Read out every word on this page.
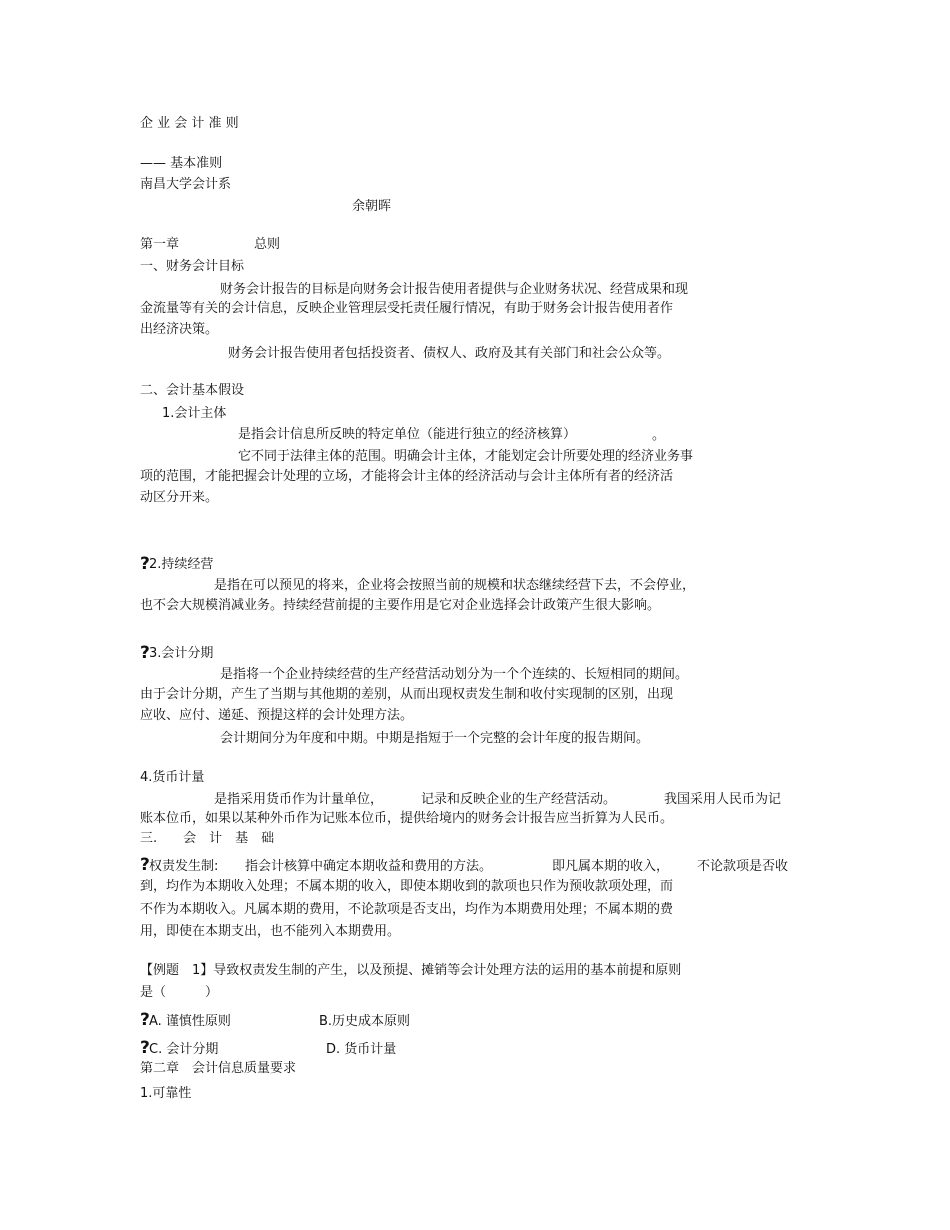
企 业 会 计 准 则
—— 基本准则
南昌大学会计系
余朝晖
第一章	总则
一、财务会计目标
财务会计报告的目标是向财务会计报告使用者提供与企业财务状况、经营成果和现
金流量等有关的会计信息，反映企业管理层受托责任履行情况，有助于财务会计报告使用者作
出经济决策。
财务会计报告使用者包括投资者、债权人、政府及其有关部门和社会公众等。
二、会计基本假设
1.会计主体
是指会计信息所反映的特定单位（能进行独立的经济核算）	。
它不同于法律主体的范围。明确会计主体，才能划定会计所要处理的经济业务事
项的范围，才能把握会计处理的立场，才能将会计主体的经济活动与会计主体所有者的经济活
动区分开来。
? 2.持续经营
是指在可以预见的将来，企业将会按照当前的规模和状态继续经营下去，不会停业，
也不会大规模消减业务。持续经营前提的主要作用是它对企业选择会计政策产生很大影响。
? 3.会计分期
是指将一个企业持续经营的生产经营活动划分为一个个连续的、长短相同的期间。
由于会计分期，产生了当期与其他期的差别，从而出现权责发生制和收付实现制的区别，出现
应收、应付、递延、预提这样的会计处理方法。
会计期间分为年度和中期。中期是指短于一个完整的会计年度的报告期间。
4.货币计量
是指采用货币作为计量单位，	记录和反映企业的生产经营活动。	我国采用人民币为记
账本位币，如果以某种外币作为记账本位币，提供给境内的财务会计报告应当折算为人民币。
三.　　会　计　基　础
? 权责发生制: 指会计核算中确定本期收益和费用的方法。	即凡属本期的收入， 不论款项是否收
到，均作为本期收入处理；不属本期的收入，即使本期收到的款项也只作为预收款项处理，而
不作为本期收入。凡属本期的费用，不论款项是否支出，均作为本期费用处理；不属本期的费
用，即使在本期支出，也不能列入本期费用。
【例题　1】导致权责发生制的产生，以及预提、摊销等会计处理方法的运用的基本前提和原则
是（　　　）
? A. 谨慎性原则	B.历史成本原则
? C. 会计分期	D. 货币计量
第二章　会计信息质量要求
1.可靠性
